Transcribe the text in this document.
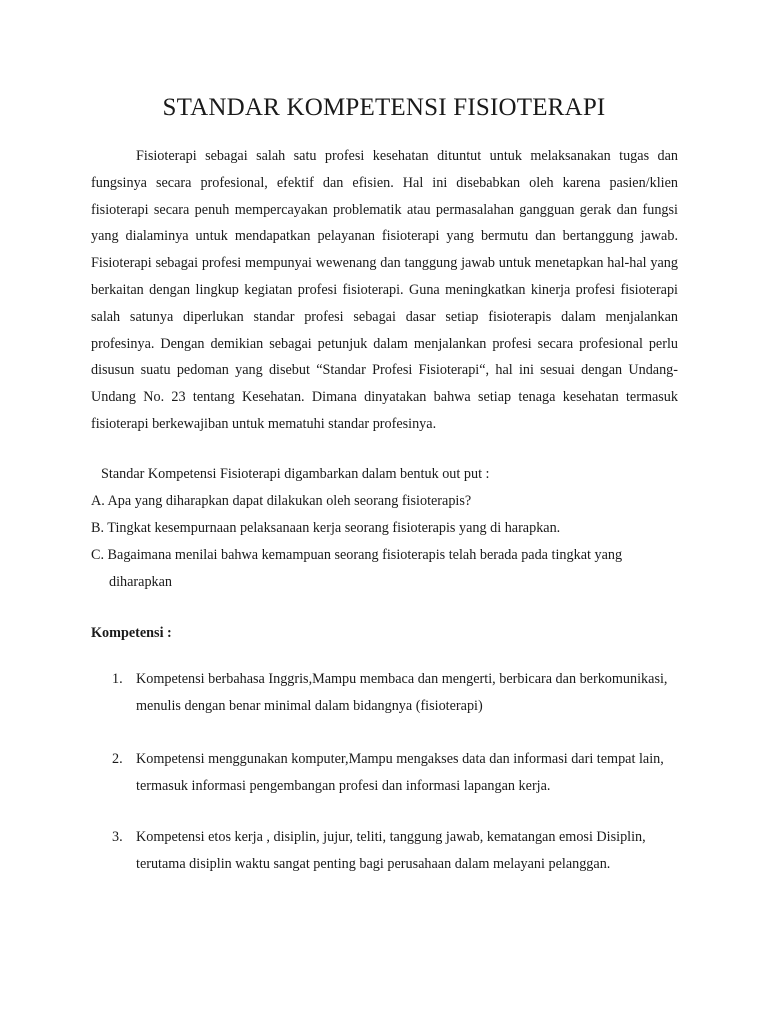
STANDAR KOMPETENSI FISIOTERAPI

Fisioterapi sebagai salah satu profesi kesehatan dituntut untuk melaksanakan tugas dan fungsinya secara profesional, efektif dan efisien. Hal ini disebabkan oleh karena pasien/klien fisioterapi secara penuh mempercayakan problematik atau permasalahan gangguan gerak dan fungsi yang dialaminya untuk mendapatkan pelayanan fisioterapi yang bermutu dan bertanggung jawab. Fisioterapi sebagai profesi mempunyai wewenang dan tanggung jawab untuk menetapkan hal-hal yang berkaitan dengan lingkup kegiatan profesi fisioterapi. Guna meningkatkan kinerja profesi fisioterapi salah satunya diperlukan standar profesi sebagai dasar setiap fisioterapis dalam menjalankan profesinya. Dengan demikian sebagai petunjuk dalam menjalankan profesi secara profesional perlu disusun suatu pedoman yang disebut “Standar Profesi Fisioterapi“, hal ini sesuai dengan Undang-Undang No. 23 tentang Kesehatan. Dimana dinyatakan bahwa setiap tenaga kesehatan termasuk fisioterapi berkewajiban untuk mematuhi standar profesinya.

Standar Kompetensi Fisioterapi digambarkan dalam bentuk out put :

A. Apa yang diharapkan dapat dilakukan oleh seorang fisioterapis?

B. Tingkat kesempurnaan pelaksanaan kerja seorang fisioterapis yang di harapkan.

C. Bagaimana menilai bahwa kemampuan seorang fisioterapis telah berada pada tingkat yang
diharapkan

Kompetensi :

1. Kompetensi berbahasa Inggris,Mampu membaca dan mengerti, berbicara dan berkomunikasi, menulis dengan benar minimal dalam bidangnya (fisioterapi)
2. Kompetensi menggunakan komputer,Mampu mengakses data dan informasi dari tempat lain, termasuk informasi pengembangan profesi dan informasi lapangan kerja.
3. Kompetensi etos kerja , disiplin, jujur, teliti, tanggung jawab, kematangan emosi Disiplin, terutama disiplin waktu sangat penting bagi perusahaan dalam melayani pelanggan.
